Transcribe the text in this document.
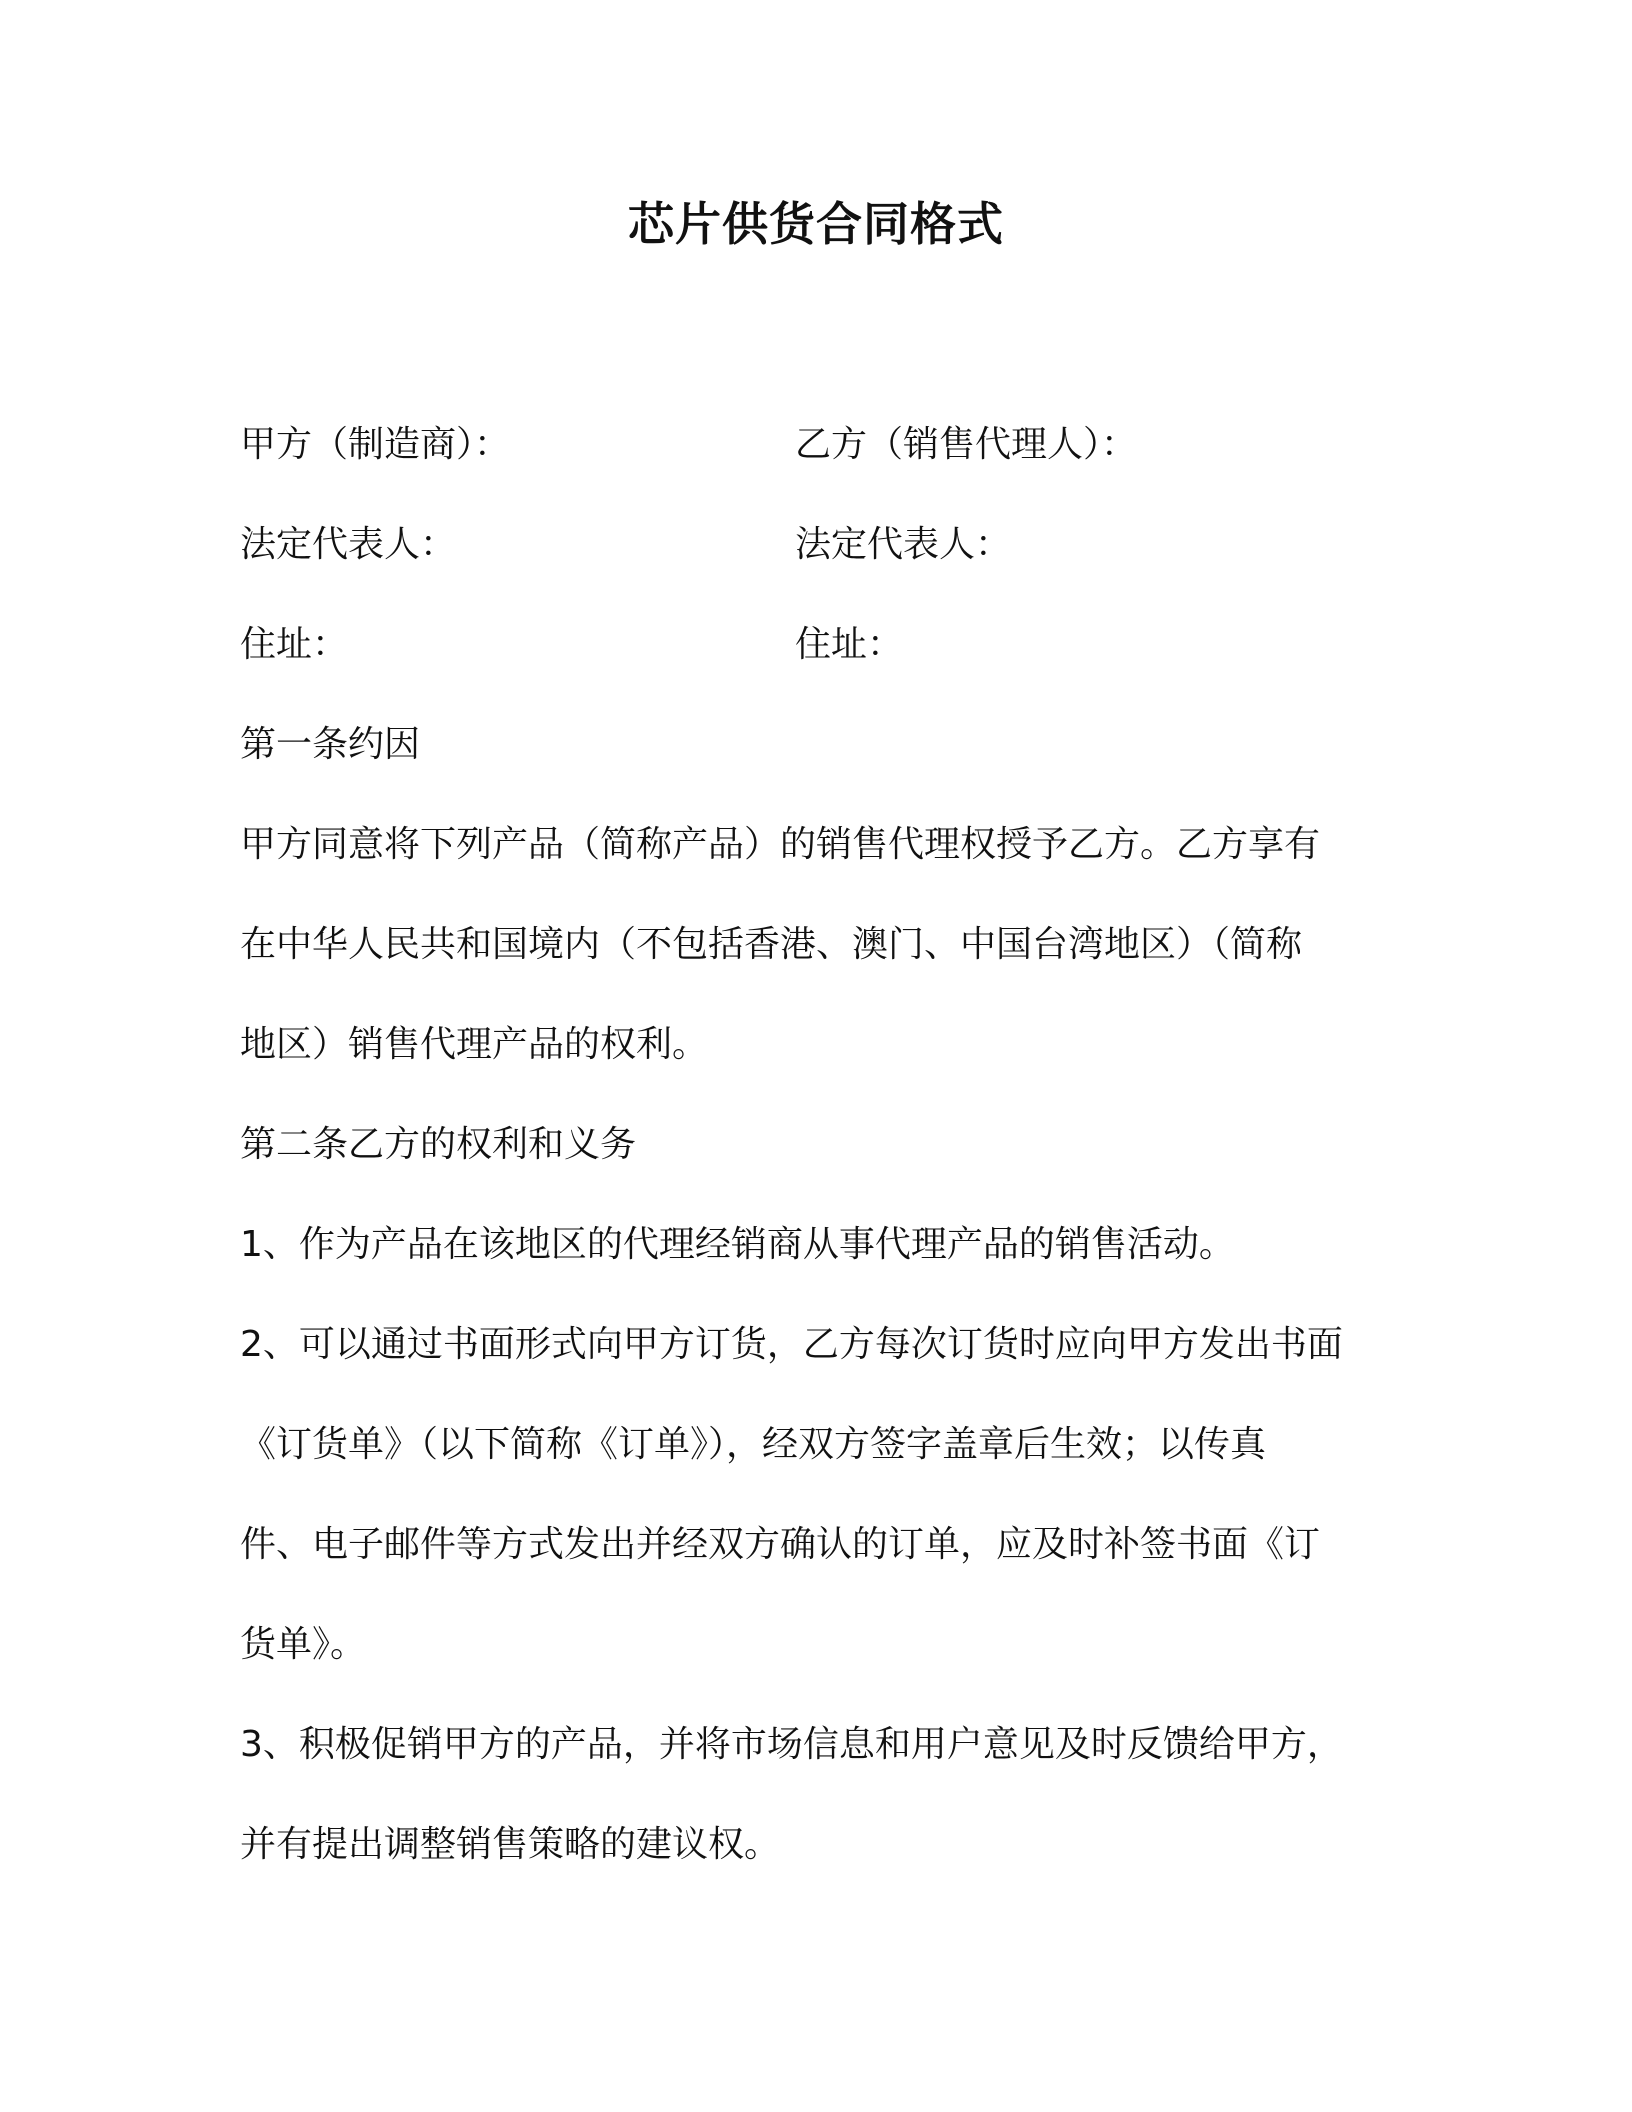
芯片供货合同格式
甲方（制造商）：	乙方（销售代理人）：
法定代表人：	法定代表人：
住址：	住址：
第一条约因
甲方同意将下列产品（简称产品）的销售代理权授予乙方。乙方享有
在中华人民共和国境内（不包括香港、澳门、中国台湾地区）（简称
地区）销售代理产品的权利。
第二条乙方的权利和义务
1、作为产品在该地区的代理经销商从事代理产品的销售活动。
2、可以通过书面形式向甲方订货，乙方每次订货时应向甲方发出书面
《订货单》（以下简称《订单》），经双方签字盖章后生效；以传真
件、电子邮件等方式发出并经双方确认的订单，应及时补签书面《订
货单》。
3、积极促销甲方的产品，并将市场信息和用户意见及时反馈给甲方，
并有提出调整销售策略的建议权。
